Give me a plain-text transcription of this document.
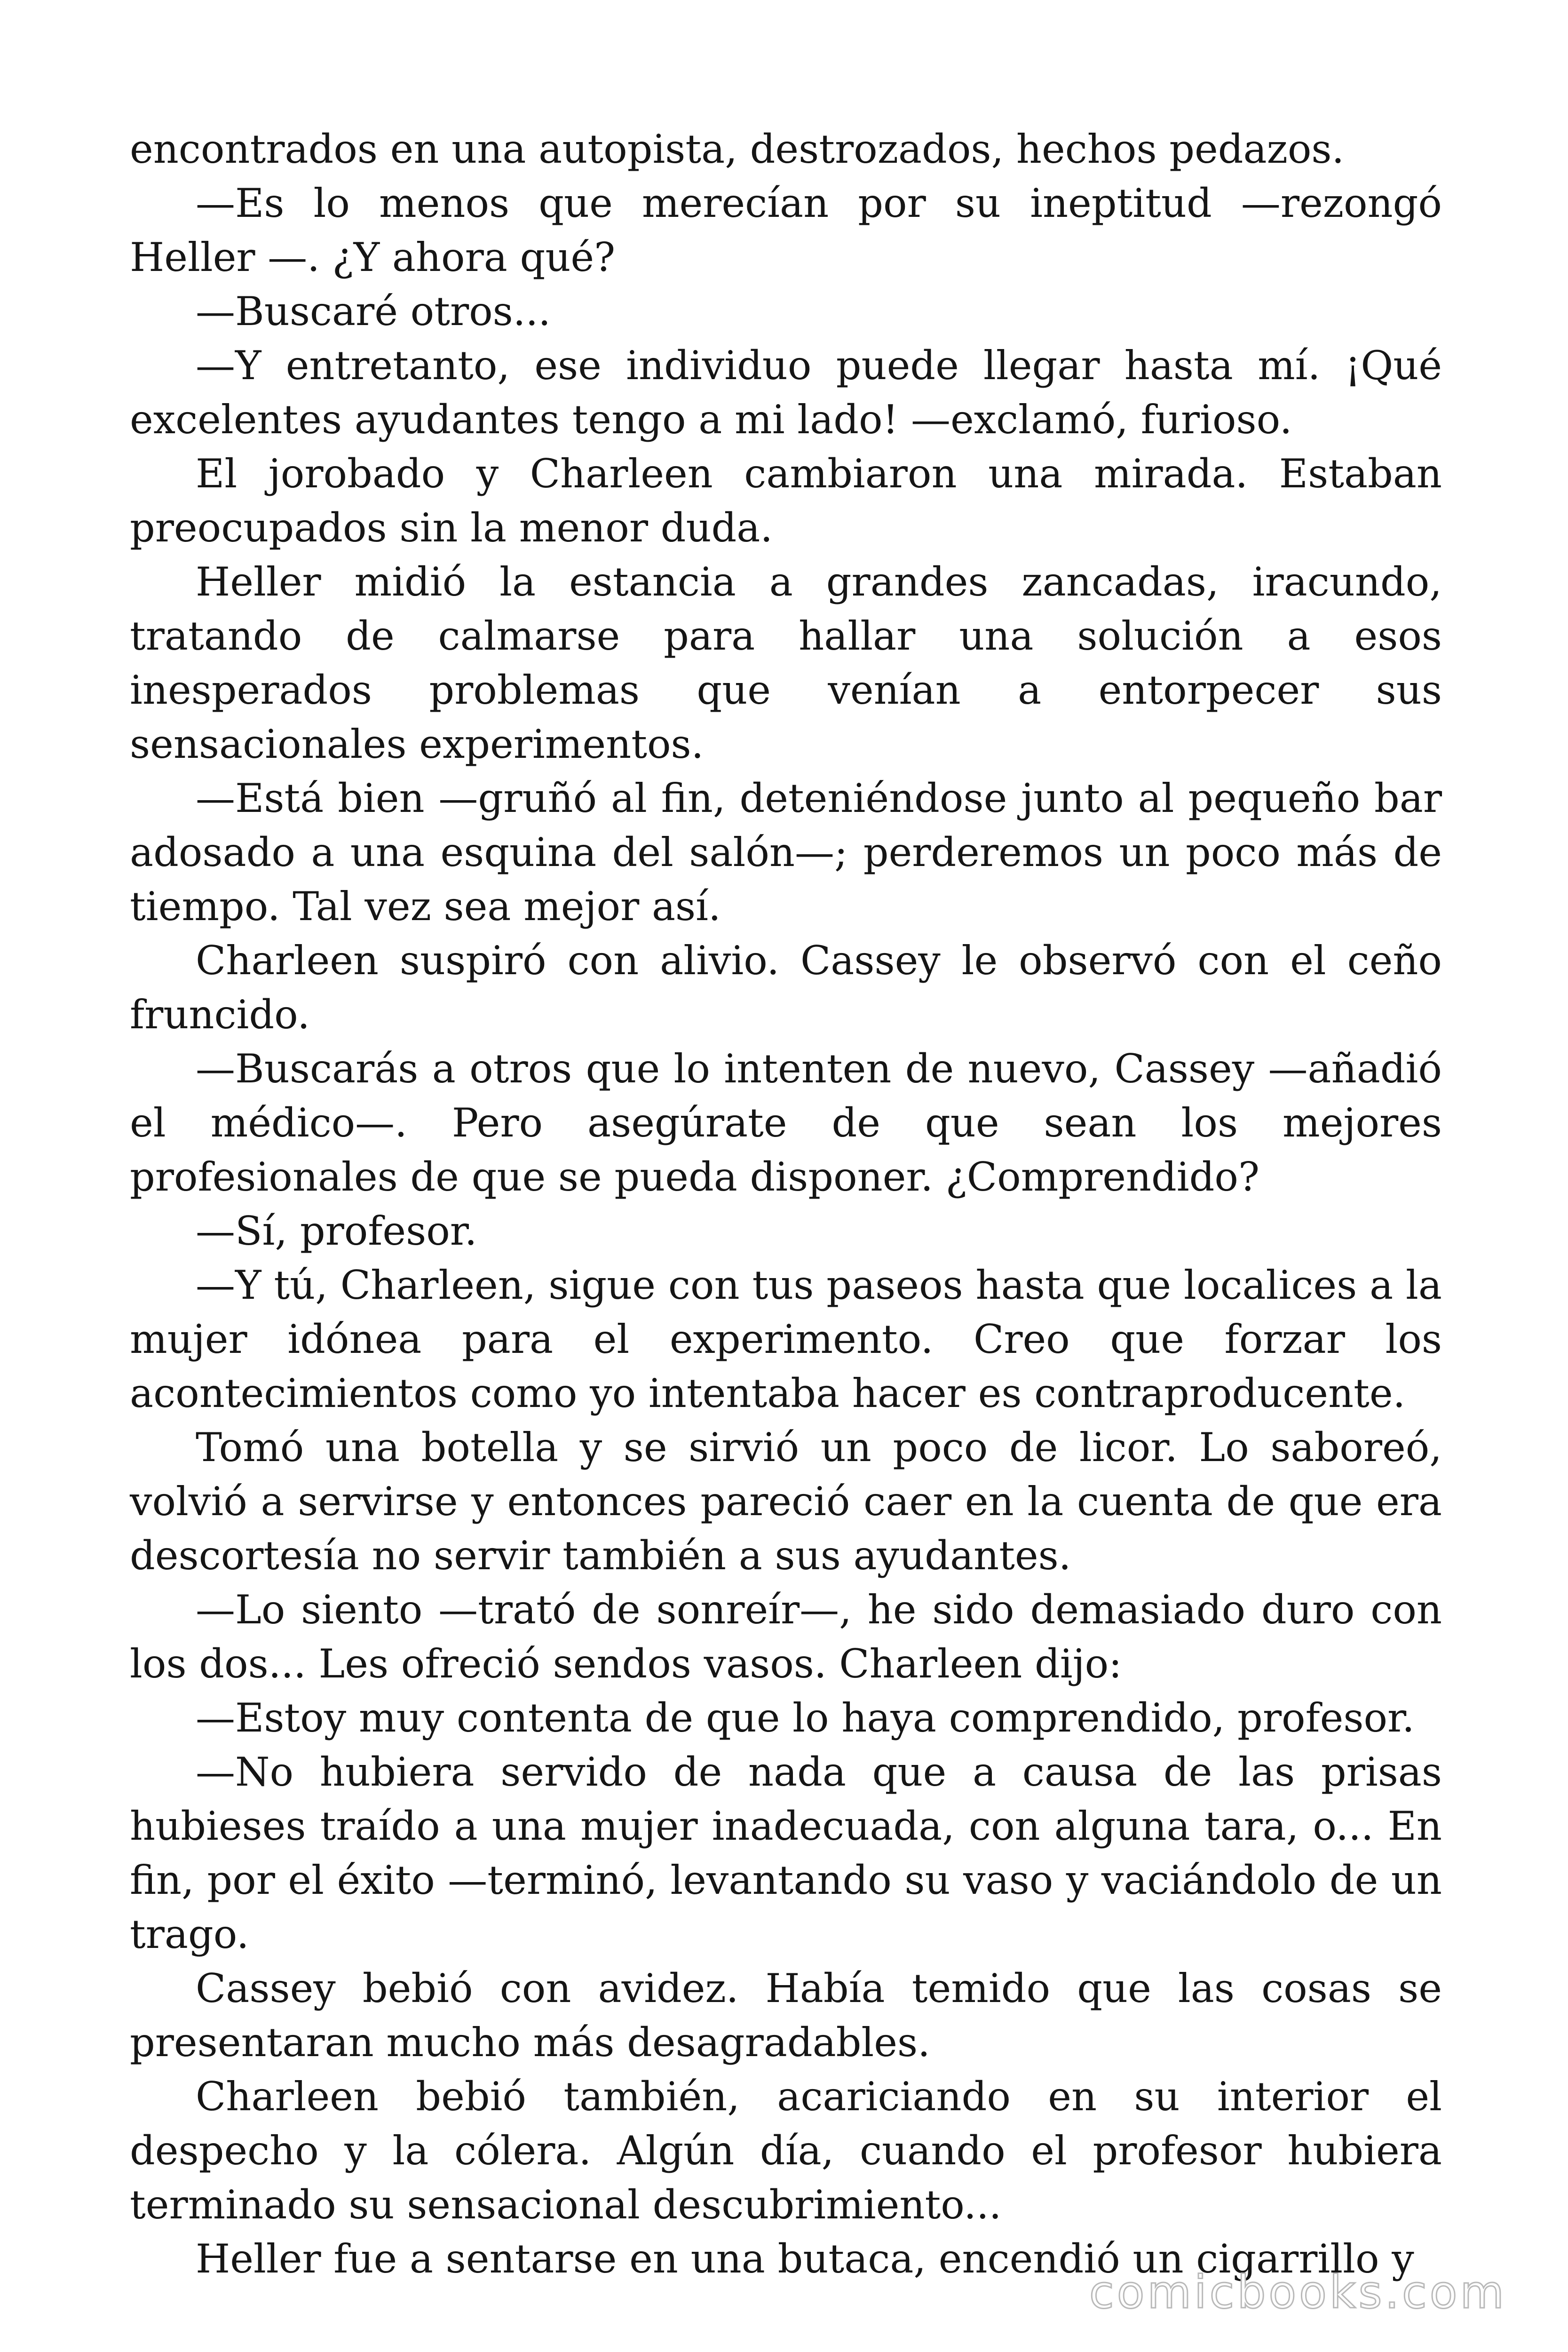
encontrados en una autopista, destrozados, hechos pedazos.

—Es lo menos que merecían por su ineptitud —rezongó Heller —. ¿Y ahora qué?

—Buscaré otros...

—Y entretanto, ese individuo puede llegar hasta mí. ¡Qué excelentes ayudantes tengo a mi lado! —exclamó, furioso.

El jorobado y Charleen cambiaron una mirada. Estaban preocupados sin la menor duda.

Heller midió la estancia a grandes zancadas, iracundo, tratando de calmarse para hallar una solución a esos inesperados problemas que venían a entorpecer sus sensacionales experimentos.

—Está bien —gruñó al fin, deteniéndose junto al pequeño bar adosado a una esquina del salón—; perderemos un poco más de tiempo. Tal vez sea mejor así.

Charleen suspiró con alivio. Cassey le observó con el ceño fruncido.

—Buscarás a otros que lo intenten de nuevo, Cassey —añadió el médico—. Pero asegúrate de que sean los mejores profesionales de que se pueda disponer. ¿Comprendido?

—Sí, profesor.

—Y tú, Charleen, sigue con tus paseos hasta que localices a la mujer idónea para el experimento. Creo que forzar los acontecimientos como yo intentaba hacer es contraproducente.

Tomó una botella y se sirvió un poco de licor. Lo saboreó, volvió a servirse y entonces pareció caer en la cuenta de que era descortesía no servir también a sus ayudantes.

—Lo siento —trató de sonreír—, he sido demasiado duro con los dos... Les ofreció sendos vasos. Charleen dijo:

—Estoy muy contenta de que lo haya comprendido, profesor.

—No hubiera servido de nada que a causa de las prisas hubieses traído a una mujer inadecuada, con alguna tara, o... En fin, por el éxito —terminó, levantando su vaso y vaciándolo de un trago.

Cassey bebió con avidez. Había temido que las cosas se presentaran mucho más desagradables.

Charleen bebió también, acariciando en su interior el despecho y la cólera. Algún día, cuando el profesor hubiera terminado su sensacional descubrimiento...

Heller fue a sentarse en una butaca, encendió un cigarrillo y

comicbooks.com
